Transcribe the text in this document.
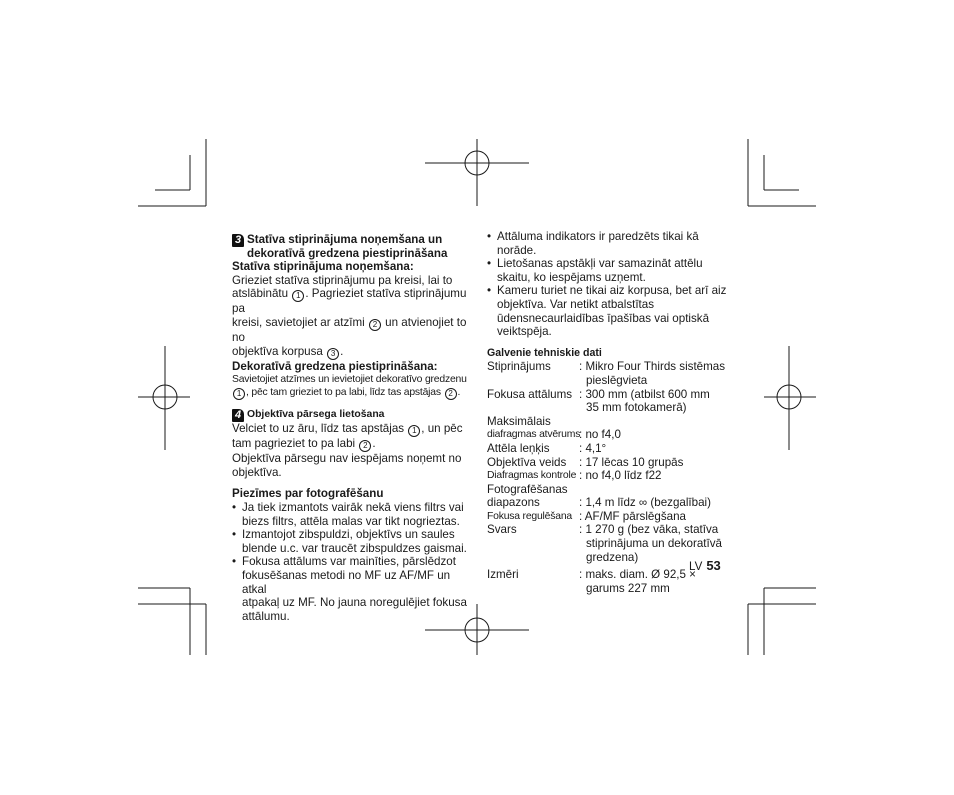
3 Statīva stiprinājuma noņemšana un
dekoratīvā gredzena piestiprināšana
Statīva stiprinājuma noņemšana:
Grieziet statīva stiprinājumu pa kreisi, lai to
atslābinātu 1 . Pagrieziet statīva stiprinājumu pa
kreisi, savietojiet ar atzīmi 2 un atvienojiet to no
objektīva korpusa 3 .
Dekoratīvā gredzena piestiprināšana:
Savietojiet atzīmes un ievietojiet dekoratīvo gredzenu
1 , pēc tam grieziet to pa labi, līdz tas apstājas 2 .
4 Objektīva pārsega lietošana
Velciet to uz āru, līdz tas apstājas 1 , un pēc
tam pagrieziet to pa labi 2 .
Objektīva pārsegu nav iespējams noņemt no
objektīva.
Piezīmes par fotografēšanu
• Ja tiek izmantots vairāk nekā viens filtrs vai
biezs filtrs, attēla malas var tikt nogrieztas.
• Izmantojot zibspuldzi, objektīvs un saules
blende u.c. var traucēt zibspuldzes gaismai.
• Fokusa attālums var mainīties, pārslēdzot
fokusēšanas metodi no MF uz AF/MF un atkal
atpakaļ uz MF. No jauna noregulējiet fokusa
attālumu.
• Attāluma indikators ir paredzēts tikai kā norāde.
• Lietošanas apstākļi var samazināt attēlu
skaitu, ko iespējams uzņemt.
• Kameru turiet ne tikai aiz korpusa, bet arī aiz
objektīva. Var netikt atbalstītas
ūdensnecaurlaidības īpašības vai optiskā
veiktspēja.
Galvenie tehniskie dati
Stiprinājums	: Mikro Four Thirds sistēmas
pieslēgvieta
Fokusa attālums : 300 mm (atbilst 600 mm
35 mm fotokamerā)
Maksimālais
diafragmas atvērums

: no f4,0
Attēla leņķis	: 4,1°
Objektīva veids	: 17 lēcas 10 grupās
Diafragmas kontrole : no f4,0 līdz f22
Fotografēšanas
diapazons
	: 1,4 m līdz ∞ (bezgalībai)
Fokusa regulēšana : AF/MF pārslēgšana
Svars	: 1 270 g (bez vāka, statīva
stiprinājuma un dekoratīvā
gredzena)
Izmēri	: maks. diam. Ø 92,5 ×
garums 227 mm
LV 53
